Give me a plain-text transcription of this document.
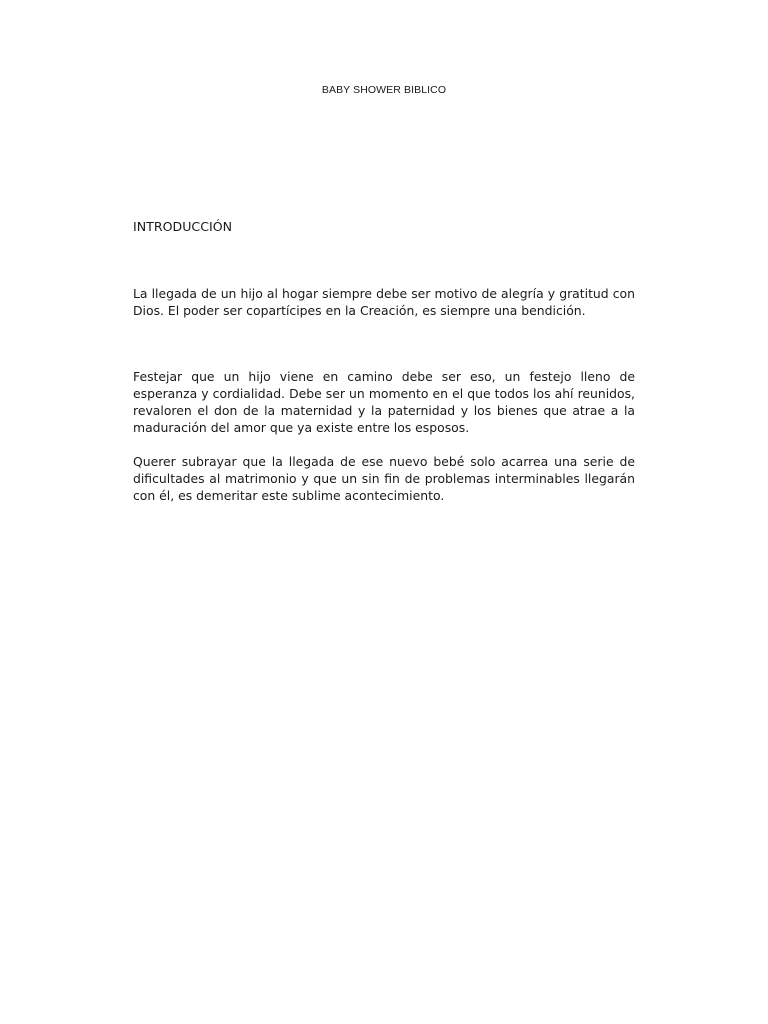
BABY SHOWER BIBLICO
INTRODUCCIÓN

La llegada de un hijo al hogar siempre debe ser motivo de alegría y gratitud con Dios. El poder ser copartícipes en la Creación, es siempre una bendición.

Festejar que un hijo viene en camino debe ser eso, un festejo lleno de esperanza y cordialidad. Debe ser un momento en el que todos los ahí reunidos, revaloren el don de la maternidad y la paternidad y los bienes que atrae a la maduración del amor que ya existe entre los esposos.

Querer subrayar que la llegada de ese nuevo bebé solo acarrea una serie de dificultades al matrimonio y que un sin fin de problemas interminables llegarán con él, es demeritar este sublime acontecimiento.
